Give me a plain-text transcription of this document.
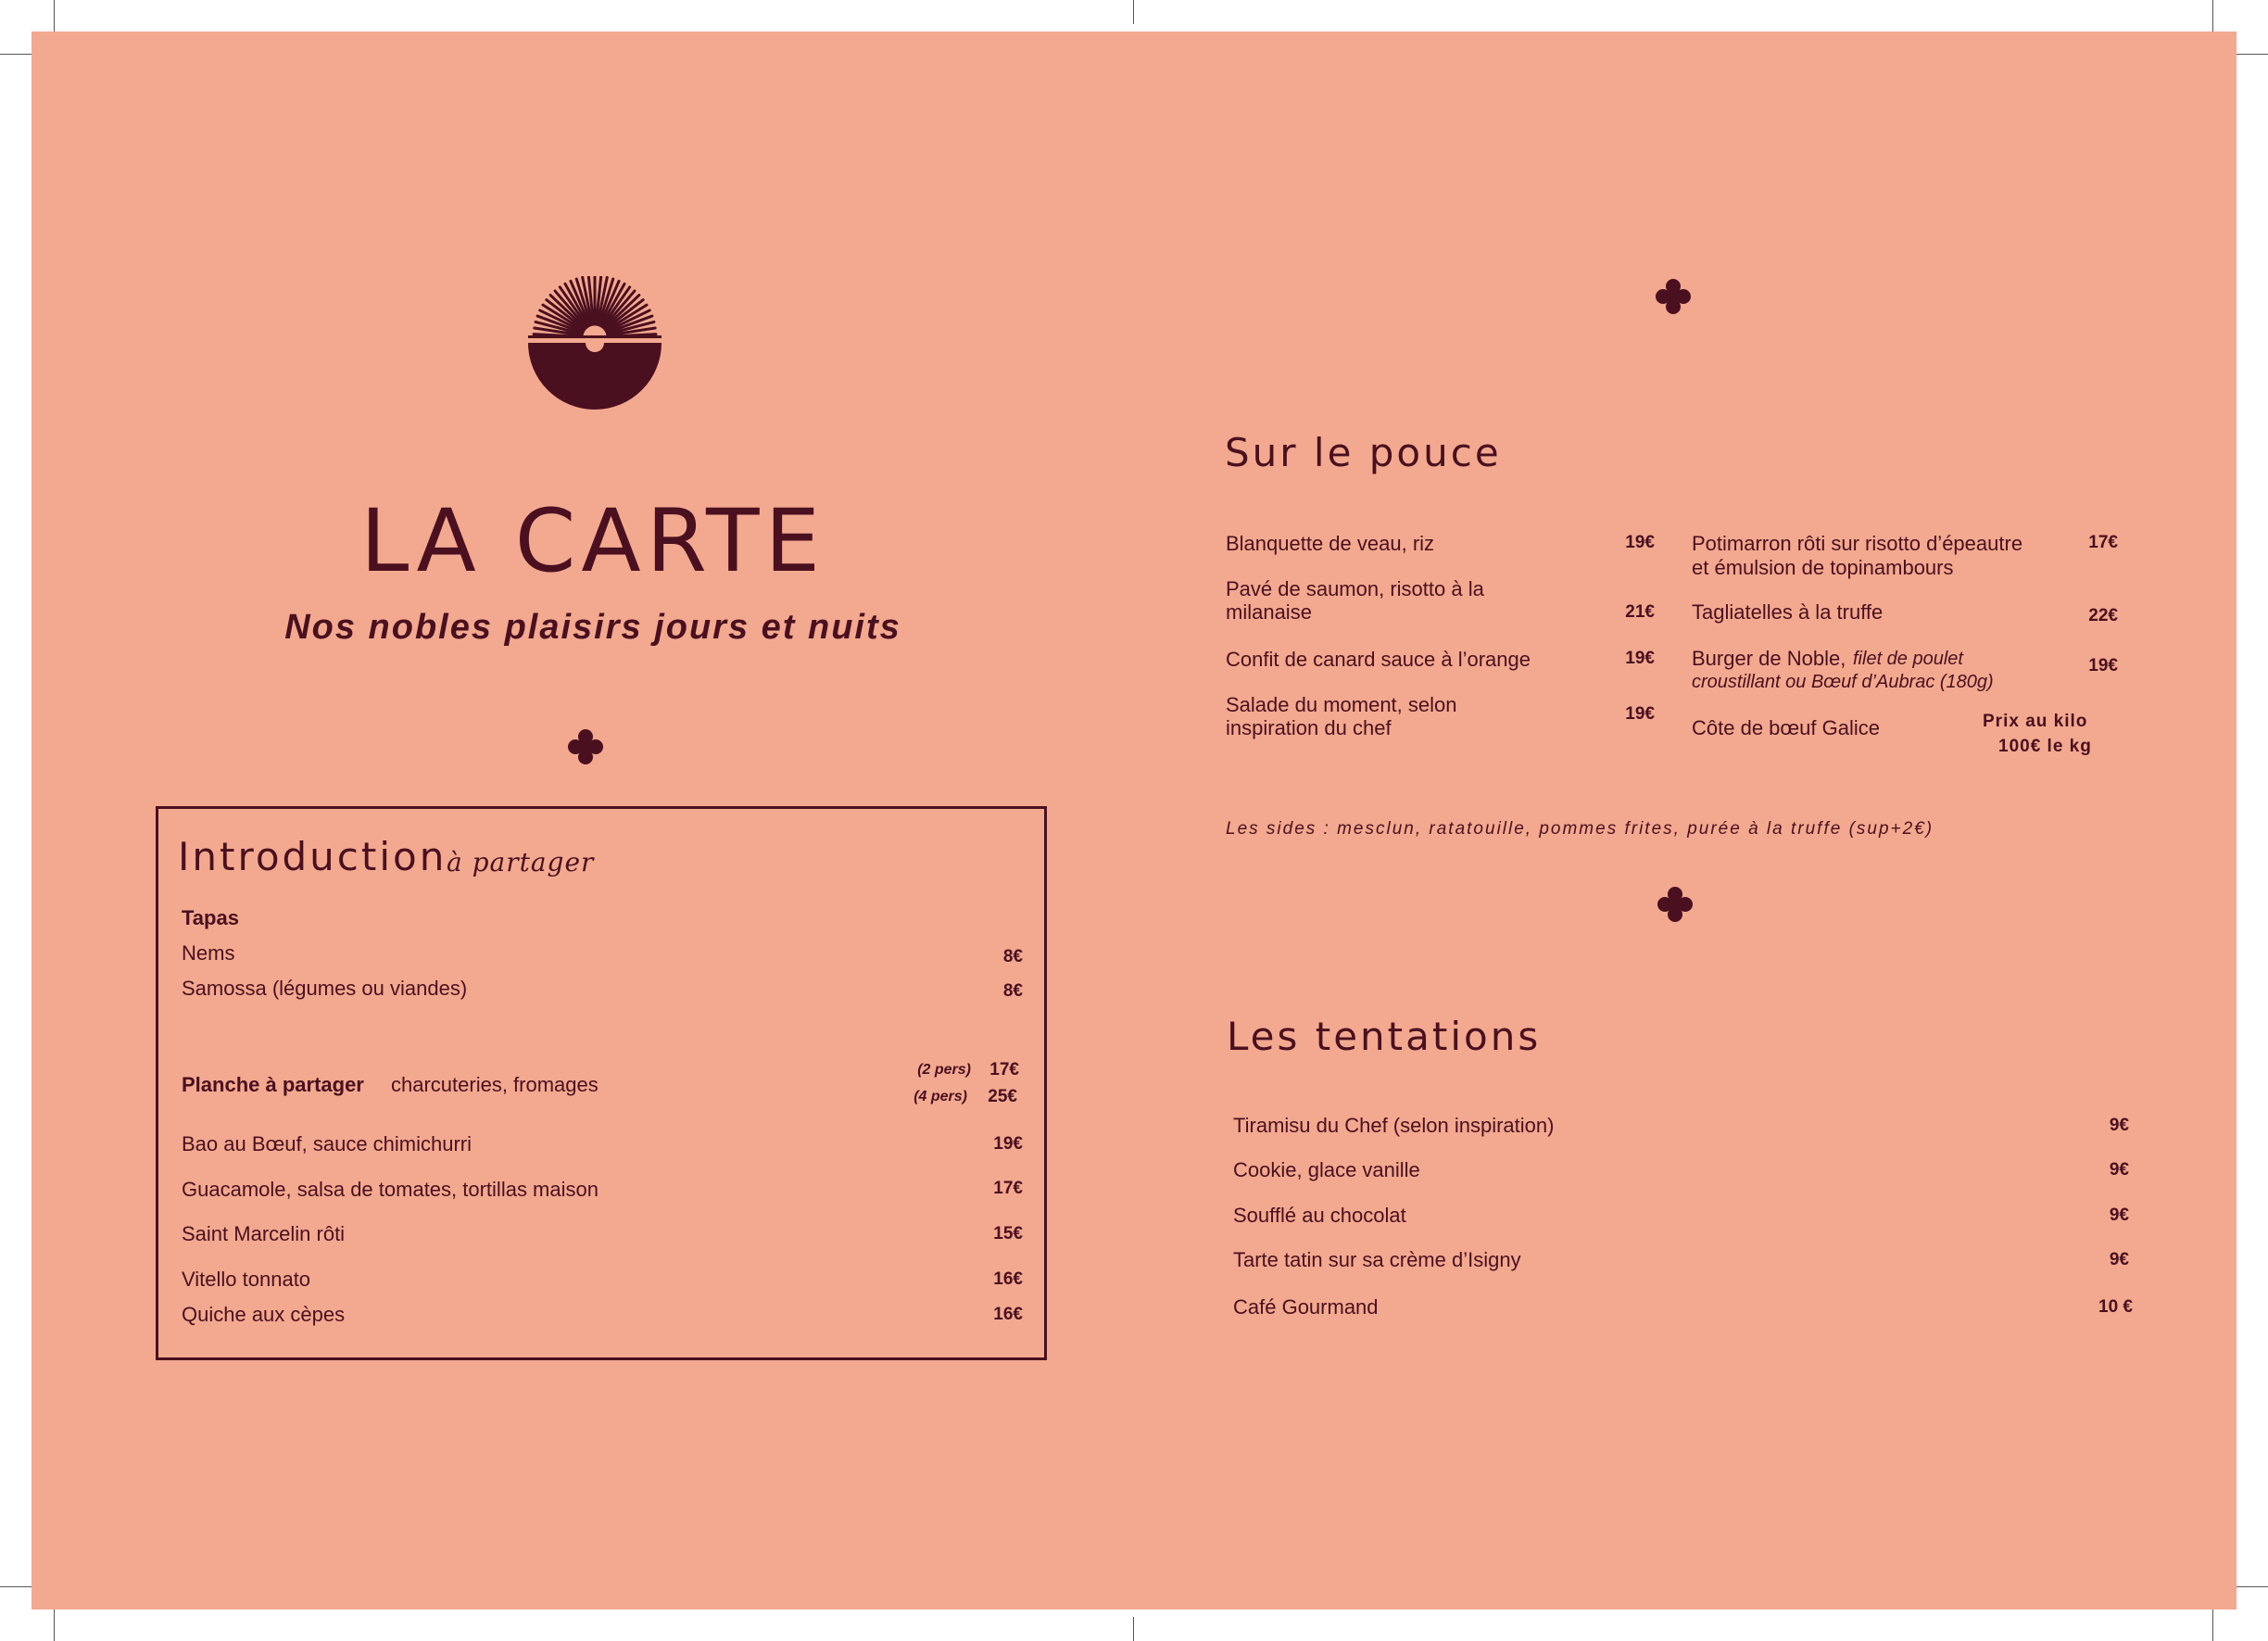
LA CARTE
Nos nobles plaisirs jours et nuits
Introduction à partager
Tapas
Nems	8€
Samossa (légumes ou viandes)	8€
Planche à partager charcuteries, fromages
(2 pers)	17€
(4 pers)	25€
Bao au Bœuf, sauce chimichurri	19€
Guacamole, salsa de tomates, tortillas maison	17€
Saint Marcelin rôti	15€
Vitello tonnato	16€
Quiche aux cèpes	16€
Sur le pouce
Blanquette de veau, riz	19€
Pavé de saumon, risotto à la
milanaise	21€
Confit de canard sauce à l’orange	19€
Salade du moment, selon
inspiration du chef
19€
Potimarron rôti sur risotto d’épeautre
et émulsion de topinambours
17€
Tagliatelles à la truffe	22€
Burger de Noble, filet de poulet
croustillant ou Bœuf d’Aubrac (180g)
19€
Côte de bœuf Galice	Prix au kilo
100€ le kg
Les sides : mesclun, ratatouille, pommes frites, purée à la truffe (sup+2€)
Les tentations
Tiramisu du Chef (selon inspiration)	9€
Cookie, glace vanille	9€
Soufflé au chocolat	9€
Tarte tatin sur sa crème d’Isigny	9€
Café Gourmand	10 €
